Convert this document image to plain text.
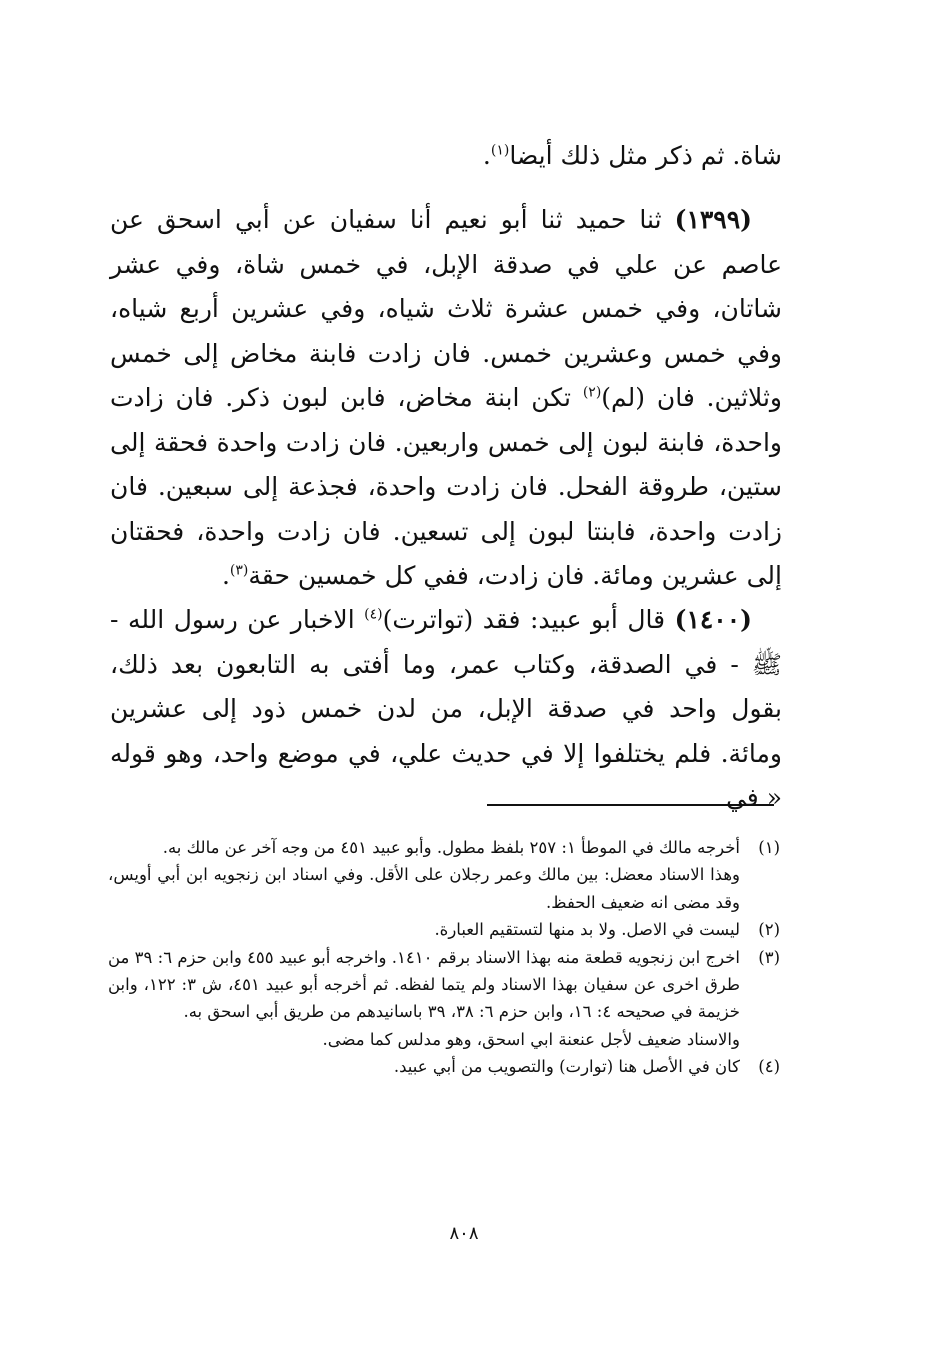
شاة. ثم ذكر مثل ذلك أيضا$^{(١)}$.

(١٣٩٩) ثنا حميد ثنا أبو نعيم أنا سفيان عن أبي اسحق عن عاصم عن علي في صدقة الإبل، في خمس شاة، وفي عشر شاتان، وفي خمس عشرة ثلاث شياه، وفي عشرين أربع شياه، وفي خمس وعشرين خمس. فان زادت فابنة مخاض إلى خمس وثلاثين. فان (لم)$^{(٢)}$ تكن ابنة مخاض، فابن لبون ذكر. فان زادت واحدة، فابنة لبون إلى خمس واربعين. فان زادت واحدة فحقة إلى ستين، طروقة الفحل. فان زادت واحدة، فجذعة إلى سبعين. فان زادت واحدة، فابنتا لبون إلى تسعين. فان زادت واحدة، فحقتان إلى عشرين ومائة. فان زادت، ففي كل خمسين حقة$^{(٣)}$.

(١٤٠٠) قال أبو عبيد: فقد (تواترت)$^{(٤)}$ الاخبار عن رسول الله - ﷺ - في الصدقة، وكتاب عمر، وما أفتى به التابعون بعد ذلك، بقول واحد في صدقة الإبل، من لدن خمس ذود إلى عشرين ومائة. فلم يختلفوا إلا في حديث علي، في موضع واحد، وهو قوله « في

(١)
أخرجه مالك في الموطأ ١: ٢٥٧ بلفظ مطول. وأبو عبيد ٤٥١ من وجه آخر عن مالك به.
وهذا الاسناد معضل: بين مالك وعمر رجلان على الأقل. وفي اسناد ابن زنجويه ابن أبي أويس، وقد مضى انه ضعيف الحفظ.
(٢)
ليست في الاصل. ولا بد منها لتستقيم العبارة.
(٣)
اخرج ابن زنجويه قطعة منه بهذا الاسناد برقم ١٤١٠. واخرجه أبو عبيد ٤٥٥ وابن حزم ٦: ٣٩ من طرق اخرى عن سفيان بهذا الاسناد ولم يتما لفظه. ثم أخرجه أبو عبيد ٤٥١، ش ٣: ١٢٢، وابن خزيمة في صحيحه ٤: ١٦، وابن حزم ٦: ٣٨، ٣٩ باسانيدهم من طريق أبي اسحق به.
والاسناد ضعيف لأجل عنعنة ابي اسحق، وهو مدلس كما مضى.
(٤)
كان في الأصل هنا (توارت) والتصويب من أبي عبيد.
٨٠٨
